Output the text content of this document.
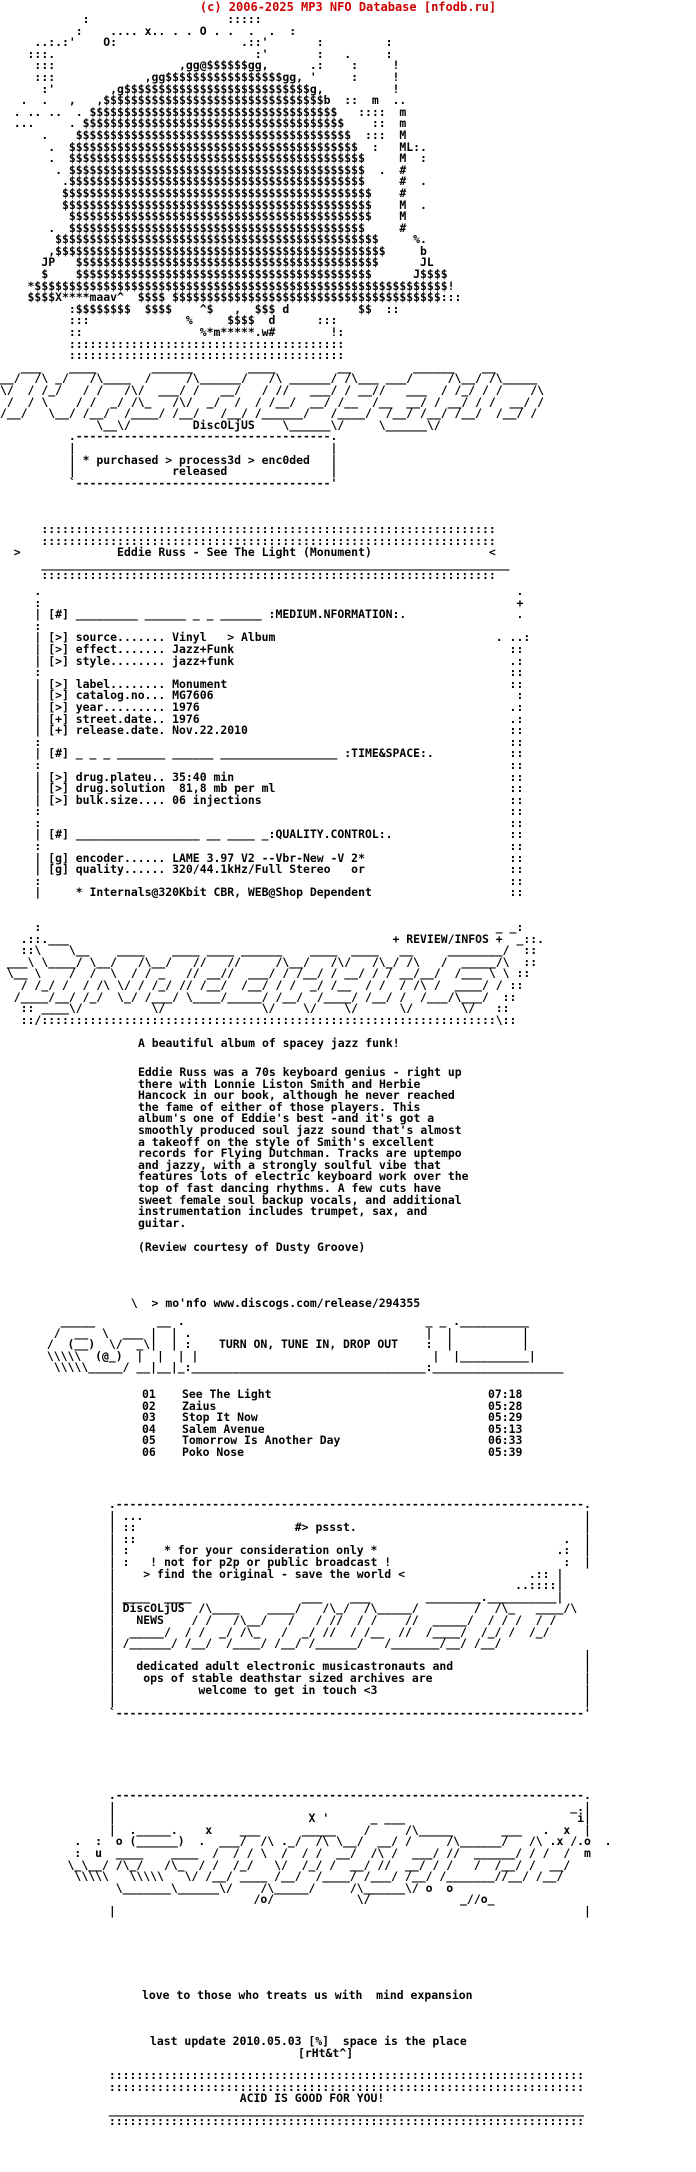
(c) 2006-2025 MP3 NFO Database [nfodb.ru]
:                    :::::
:    .... x.. . . O . .  .  .  :
..:.:'    O:                  .::'       :         :
:::.                             :'       :   .     :
:::                  ,gg@$$$$$$gg,      .:    :     !
:::             ,gg$$$$$$$$$$$$$$$$$gg, '     :     !
:'        ,g$$$$$$$$$$$$$$$$$$$$$$$$$$$g,          !
.  .   ,   ,$$$$$$$$$$$$$$$$$$$$$$$$$$$$$$$$b  ::  m  ..
. .. ..  . $$$$$$$$$$$$$$$$$$$$$$$$$$$$$$$$$$$$   ::::  m
...     . $$$$$$$$$$$$$$$$$$$$$$$$$$$$$$$$$$$$$$    ::  m
.    $$$$$$$$$$$$$$$$$$$$$$$$$$$$$$$$$$$$$$$$  :::  M
.  $$$$$$$$$$$$$$$$$$$$$$$$$$$$$$$$$$$$$$$$$$  :   ML:.
.  $$$$$$$$$$$$$$$$$$$$$$$$$$$$$$$$$$$$$$$$$$$     M  :
. $$$$$$$$$$$$$$$$$$$$$$$$$$$$$$$$$$$$$$$$$$$  .  #
.$$$$$$$$$$$$$$$$$$$$$$$$$$$$$$$$$$$$$$$$$$$     #  .
$$$$$$$$$$$$$$$$$$$$$$$$$$$$$$$$$$$$$$$$$$$$$    #
$$$$$$$$$$$$$$$$$$$$$$$$$$$$$$$$$$$$$$$$$$$$$    M  .
$$$$$$$$$$$$$$$$$$$$$$$$$$$$$$$$$$$$$$$$$$$$    M
.  $$$$$$$$$$$$$$$$$$$$$$$$$$$$$$$$$$$$$$$$$$$     #
$$$$$$$$$$$$$$$$$$$$$$$$$$$$$$$$$$$$$$$$$$$$$$$     %.
,$$$$$$$$$$$$$$$$$$$$$$$$$$$$$$$$$$$$$$$$$$$$$$$$     b
JP   $$$$$$$$$$$$$$$$$$$$$$$$$$$$$$$$$$$$$$$$$$$$      JL
$    $$$$$$$$$$$$$$$$$$$$$$$$$$$$$$$$$$$$$$$$$$$      J$$$$
*$$$$$$$$$$$$$$$$$$$$$$$$$$$$$$$$$$$$$$$$$$$$$$$$$$$$$$$$$$$$!
$$$$X****maav^  $$$$ $$$$$$$$$$$$$$$$$$$$$$$$$$$$$$$$$$$$$$$:::
:$$$$$$$$  $$$$    ^$   ,  $$$ d          $$  ::
:::              %     $$$$  d      :::
::                 %*m*****.w#        !:
::::::::::::::::::::::::::::::::::::::::
::::::::::::::::::::::::::::::::::::::::
___    ____        ______        ____         __         ______    __
__/  /\ _/   /\____  /     /\______/   /\ ______/ /\___ ___/     /\__/ /\_____
\/  / /_/   / /   /\/  ___/ /   __/   / //   ___/ / __//   ___  / /_/ / /    /\
/  / \    / /  _/ /\_   /\/  _/  /  / /__/  __/ /__  /__  __/ / __/ / /  __/ /
/__/   \__/ /__/  /____/ /__/   /__/ /______/   /____/  /__/ /__/ /__/  /__/ /
\__\/         DiscOLjUS    \______\/     \______\/
.-------------------------------------.
|                                     |
| * purchased > process3d > enc0ded   |
|              released               |
`-------------------------------------'
::::::::::::::::::::::::::::::::::::::::::::::::::::::::::::::::::
::::::::::::::::::::::::::::::::::::::::::::::::::::::::::::::::::
>              Eddie Russ - See The Light (Monument)                 <
____________________________________________________________________
::::::::::::::::::::::::::::::::::::::::::::::::::::::::::::::::::
.                                                                     .
:                                                                     +
| [#] _________ ______ _ _ ______ :MEDIUM.NFORMATION:.                .
:
| [>] source....... Vinyl   > Album                                . ..:
| [>] effect....... Jazz+Funk                                        ::
| [>] style........ jazz+funk                                        .:
:                                                                    ::
| [>] label........ Monument                                         ::
| [>] catalog.no... MG7606                                            :
| [>] year......... 1976                                             .:
| [+] street.date.. 1976                                             .:
| [+] release.date. Nov.22.2010                                      ::
:                                                                    ::
| [#] _ _ _ _______ ______ _________________ :TIME&SPACE:.           ::
:                                                                    ::
| [>] drug.plateu.. 35:40 min                                        ::
| [>] drug.solution  81,8 mb per ml                                  ::
| [>] bulk.size.... 06 injections                                    ::
:                                                                    ::
:                                                                    ::
| [#] __________________ __ ____ _:QUALITY.CONTROL:.                 ::
:                                                                    ::
| [g] encoder...... LAME 3.97 V2 --Vbr-New -V 2*                     ::
| [g] quality...... 320/44.1kHz/Full Stereo   or                     ::
:                                                                    ::
|     * Internals@320Kbit CBR, WEB@Shop Dependent                    ::
:                                                                  _ _:
.::.___                                               + REVIEW/INFOS +  _::.
::\    \__    ____    ____ ____ ______    ____  ____   __     ________/  ::
___\ \____/ \__/   /\__/   //   //     /\__/   /\/   /\_/ /\   /  _____/\  ::
\__ \    /  /  \  / / _   // __//  ___/ / /__/ / __/ / / __/__/  /___ \ \ ::
/ /_/ /  / /\ \/ / /_/ // /__/  /__/ / /  _/ /__  / /  / /\ /  ____/ / ::
/____/__/ /_/  \_/ /___/ \____/_____/ /__/  /____/ /__/ /  /___/\___/  ::
:: ____\/          \/              \/    \/    \/      \/       \/   ::
::/::::::::::::::::::::::::::::::::::::::::::::::::::::::::::::::::::\::
A beautiful album of spacey jazz funk!
Eddie Russ was a 70s keyboard genius - right up
there with Lonnie Liston Smith and Herbie
Hancock in our book, although he never reached
the fame of either of those players. This
album's one of Eddie's best -and it's got a
smoothly produced soul jazz sound that's almost
a takeoff on the style of Smith's excellent
records for Flying Dutchman. Tracks are uptempo
and jazzy, with a strongly soulful vibe that
features lots of electric keyboard work over the
top of fast dancing rhythms. A few cuts have
sweet female soul backup vocals, and additional
instrumentation includes trumpet, sax, and
guitar.
(Review courtesy of Dusty Groove)
\  > mo'nfo www.discogs.com/release/294355
_____         __ .                                   _ _ .__________
/  __  \  ___ |  | .                                  |  |          |
/  (__)  \/  _\|  | :    TURN ON, TUNE IN, DROP OUT    :  |          |
\\\\\  (@_)  |  |  | |                                  |  |__________|
\\\\\_____/ __|__|_:__________________________________:___________________
01 See The Light	07:18
02 Zaius	05:28
03 Stop It Now	05:29
04 Salem Avenue	05:13
05 Tomorrow Is Another Day	06:33
06 Poko Nose	05:39
.--------------------------------------------------------------------.
| ...                                                                |
| ::                       #> pssst.                                 |
| ::                                                              .  |
| :     * for your consideration only *                          .:  |
| :   ! not for p2p or public broadcast !                         :  |
|    > find the original - save the world <                  .:: |
|                                                          ..::::|
| ____  ____                ___    ___        ________.__________|
| DiscOLjUS  /\____    ____/   /\_/  /\_____/        /  /\_   ____/\
|   NEWS    / /   /\__/   /   / //  / /    //  _____/  / / /  / /
|  _____/  / /  _/ /\_   /  _/ //  / /__  //  /____/  /_/ /  /_/
| /______/ /__/  /____/ /__/ /______/   /_______/__/ /__/
|                                                                    |
|   dedicated adult electronic musicastronauts and                   |
|    ops of stable deathstar sized archives are                      |
|            welcome to get in touch <3                              |
|                                                                    |
`--------------------------------------------------------------------'
.--------------------------------------------------------------------.
|                                                                  _.|
|                            X '      _ ___                         i|
|  ._____.    x    ___      _____    /     /\_____       ___   .  x  |
.  :  o (______)  .  ___/  /\ ._/  /\ \__/  __/ /     /\______/   /\ .x /.o  .
:  u  ____    ____  /  / / \  /  / /  __/  /\ /  ___/ //  ______/ / /  /  m
\_\__/ /\_/   /\_  / /  /_/   \/  /_/ /  __/ //  __/ / /   /  /__/ /  __/
\\\\\   \\\\\   \/ /__/ ____ /__/  /____/ /___/ /__/ /_______//__/ /__/
\_______\______\/    /\_____/     /\______\/ o  o
/o/            \/             _//o_
|                                                                    |
love to those who treats us with  mind expansion
last update 2010.05.03 [%]  space is the place
[rHt&t^]
:::::::::::::::::::::::::::::::::::::::::::::::::::::::::::::::::::::
:::::::::::::::::::::::::::::::::::::::::::::::::::::::::::::::::::::
ACID IS GOOD FOR YOU!
_____________________________________________________________________
:::::::::::::::::::::::::::::::::::::::::::::::::::::::::::::::::::::
